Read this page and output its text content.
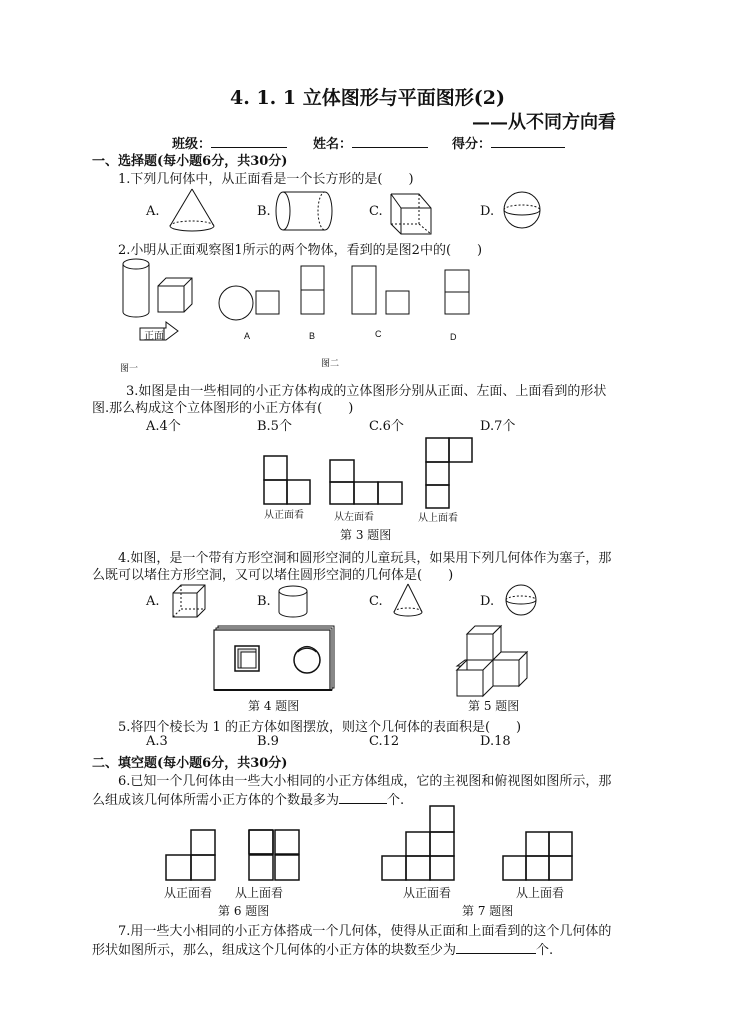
4. 1. 1 立体图形与平面图形(2)
——从不同方向看
班级：	姓名：	得分：
一、选择题(每小题6分，共30分)
1.下列几何体中，从正面看是一个长方形的是(　　)
A.	B.	C.	D.
2.小明从正面观察图1所示的两个物体，看到的是图2中的(　　)
正面
图一
A	B	C	D
图二
3.如图是由一些相同的小正方体构成的立体图形分别从正面、左面、上面看到的形状
图.那么构成这个立体图形的小正方体有(　　)
A.4个	B.5个	C.6个	D.7个
从正面看	从左面看	从上面看
第 3 题图
4.如图，是一个带有方形空洞和圆形空洞的儿童玩具，如果用下列几何体作为塞子，那
么既可以堵住方形空洞，又可以堵住圆形空洞的几何体是(　　)
A.	B.	C.	D.
第 4 题图	第 5 题图
5.将四个棱长为 1 的正方体如图摆放，则这个几何体的表面积是(　　)
A.3	B.9	C.12	D.18
二、填空题(每小题6分，共30分)
6.已知一个几何体由一些大小相同的小正方体组成，它的主视图和俯视图如图所示，那
么组成该几何体所需小正方体的个数最多为	个.
从正面看 从上面看
第 6 题图
从正面看	从上面看
第 7 题图
7.用一些大小相同的小正方体搭成一个几何体，使得从正面和上面看到的这个几何体的
形状如图所示，那么，组成这个几何体的小正方体的块数至少为	个.
